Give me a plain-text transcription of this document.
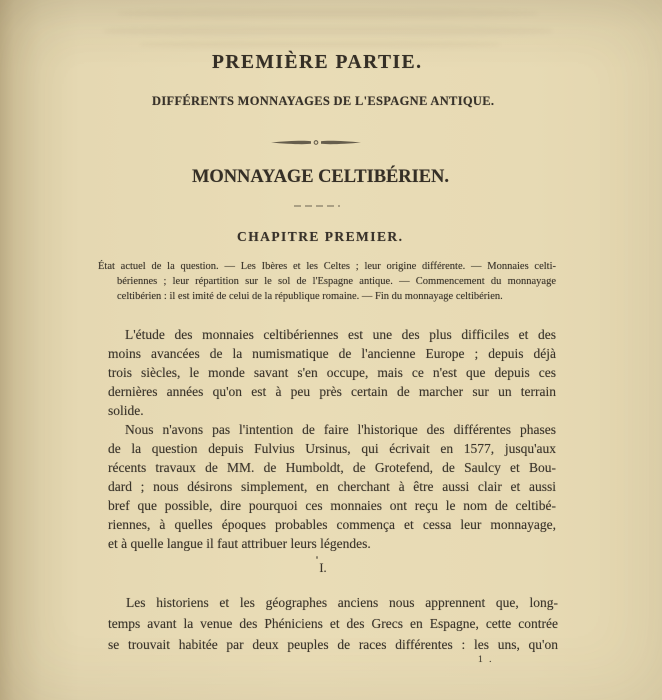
PREMIÈRE PARTIE.
DIFFÉRENTS MONNAYAGES DE L'ESPAGNE ANTIQUE.
MONNAYAGE CELTIBÉRIEN.
CHAPITRE PREMIER.
État actuel de la question. — Les Ibères et les Celtes ; leur origine différente. — Monnaies celti-
bériennes ; leur répartition sur le sol de l'Espagne antique. — Commencement du monnayage
celtibérien : il est imité de celui de la république romaine. — Fin du monnayage celtibérien.
L'étude des monnaies celtibériennes est une des plus difficiles et des
moins avancées de la numismatique de l'ancienne Europe ; depuis déjà
trois siècles, le monde savant s'en occupe, mais ce n'est que depuis ces
dernières années qu'on est à peu près certain de marcher sur un terrain
solide.
Nous n'avons pas l'intention de faire l'historique des différentes phases
de la question depuis Fulvius Ursinus, qui écrivait en 1577, jusqu'aux
récents travaux de MM. de Humboldt, de Grotefend, de Saulcy et Bou-
dard ; nous désirons simplement, en cherchant à être aussi clair et aussi
bref que possible, dire pourquoi ces monnaies ont reçu le nom de celtibé-
riennes, à quelles époques probables commença et cessa leur monnayage,
et à quelle langue il faut attribuer leurs légendes.
I.
Les historiens et les géographes anciens nous apprennent que, long-
temps avant la venue des Phéniciens et des Grecs en Espagne, cette contrée
se trouvait habitée par deux peuples de races différentes : les uns, qu'on
1 .
